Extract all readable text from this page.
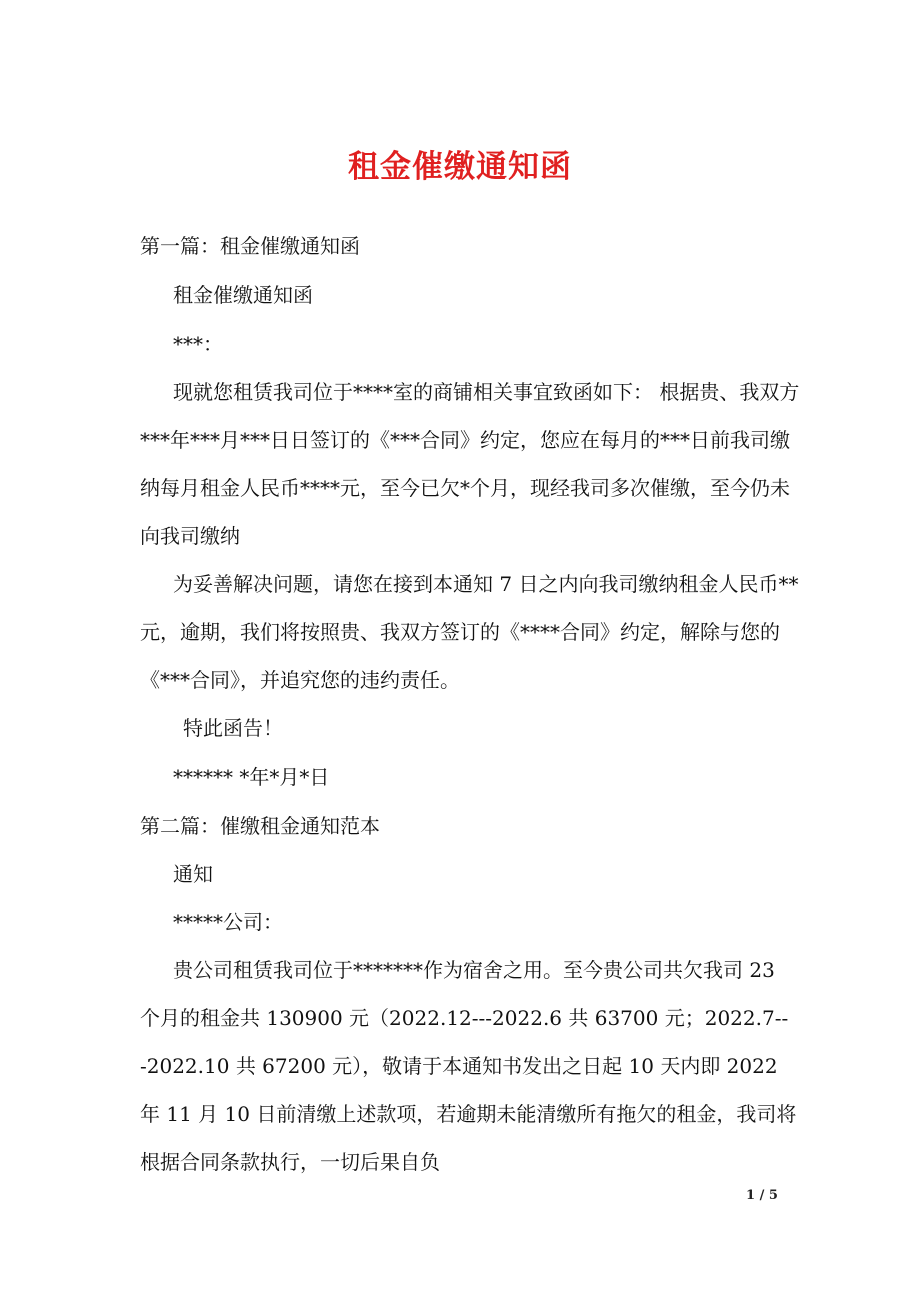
租金催缴通知函

第一篇：租金催缴通知函

租金催缴通知函

***：

现就您租赁我司位于****室的商铺相关事宜致函如下： 根据贵、我双方***年***月***日日签订的《***合同》约定，您应在每月的***日前我司缴纳每月租金人民币****元，至今已欠*个月，现经我司多次催缴，至今仍未向我司缴纳

为妥善解决问题，请您在接到本通知 7 日之内向我司缴纳租金人民币**元，逾期，我们将按照贵、我双方签订的《****合同》约定，解除与您的《***合同》，并追究您的违约责任。

特此函告！

****** *年*月*日

第二篇：催缴租金通知范本

通知

*****公司：

贵公司租赁我司位于*******作为宿舍之用。至今贵公司共欠我司 23 个月的租金共 130900 元（2022.12---2022.6 共 63700 元；2022.7---2022.10 共 67200 元），敬请于本通知书发出之日起 10 天内即 2022 年 11 月 10 日前清缴上述款项，若逾期未能清缴所有拖欠的租金，我司将根据合同条款执行，一切后果自负

1 / 5
